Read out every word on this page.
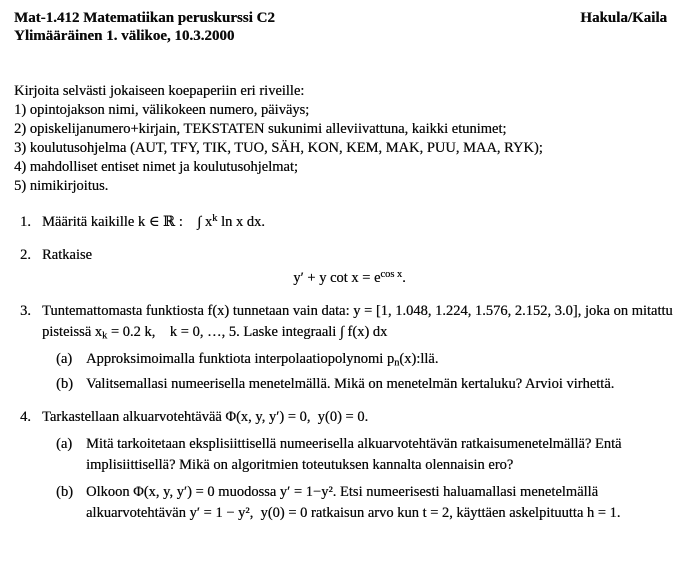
Mat-1.412 Matematiikan peruskurssi C2
Ylimääräinen 1. välikoe, 10.3.2000
Hakula/Kaila

Kirjoita selvästi jokaiseen koepaperiin eri riveille:

1) opintojakson nimi, välikokeen numero, päiväys;

2) opiskelijanumero+kirjain, TEKSTATEN sukunimi alleviivattuna, kaikki etunimet;

3) koulutusohjelma (AUT, TFY, TIK, TUO, SÄH, KON, KEM, MAK, PUU, MAA, RYK);

4) mahdolliset entiset nimet ja koulutusohjelmat;

5) nimikirjoitus.

1. Määritä kaikille k ∈ ℝ : ∫ $x^k$ ln x dx.

2. Ratkaise

y′ + y $\cot x = e^{cos x}$.
3. Tuntemattomasta funktiosta f(x) tunnetaan vain data: y = [1, 1.048, 1.224, 1.576, 2.152, 3.0], joka on mitattu pisteissä $x_k = 0.2$ k, k = 0, …, 5. Laske integraali ∫ f(x) dx

(a) Approksimoimalla funktiota interpolaatiopolynomi $p_n(x):llä$.
(b) Valitsemallasi numeerisella menetelmällä. Mikä on menetelmän kertaluku? Arvioi virhettä.
4. Tarkastellaan alkuarvotehtävää Φ(x, y, y′) = 0, y(0) = 0.

(a) Mitä tarkoitetaan eksplisiittisellä numeerisella alkuarvotehtävän ratkaisumenetelmällä? Entä implisiittisellä? Mikä on algoritmien toteutuksen kannalta olennaisin ero?
(b) Olkoon Φ(x, y, y′) = 0 muodossa y′ = 1−y². Etsi numeerisesti haluamallasi menetelmällä alkuarvotehtävän y′ = 1 − y², y(0) = 0 ratkaisun arvo kun t = 2, käyttäen askelpituutta h = 1.
